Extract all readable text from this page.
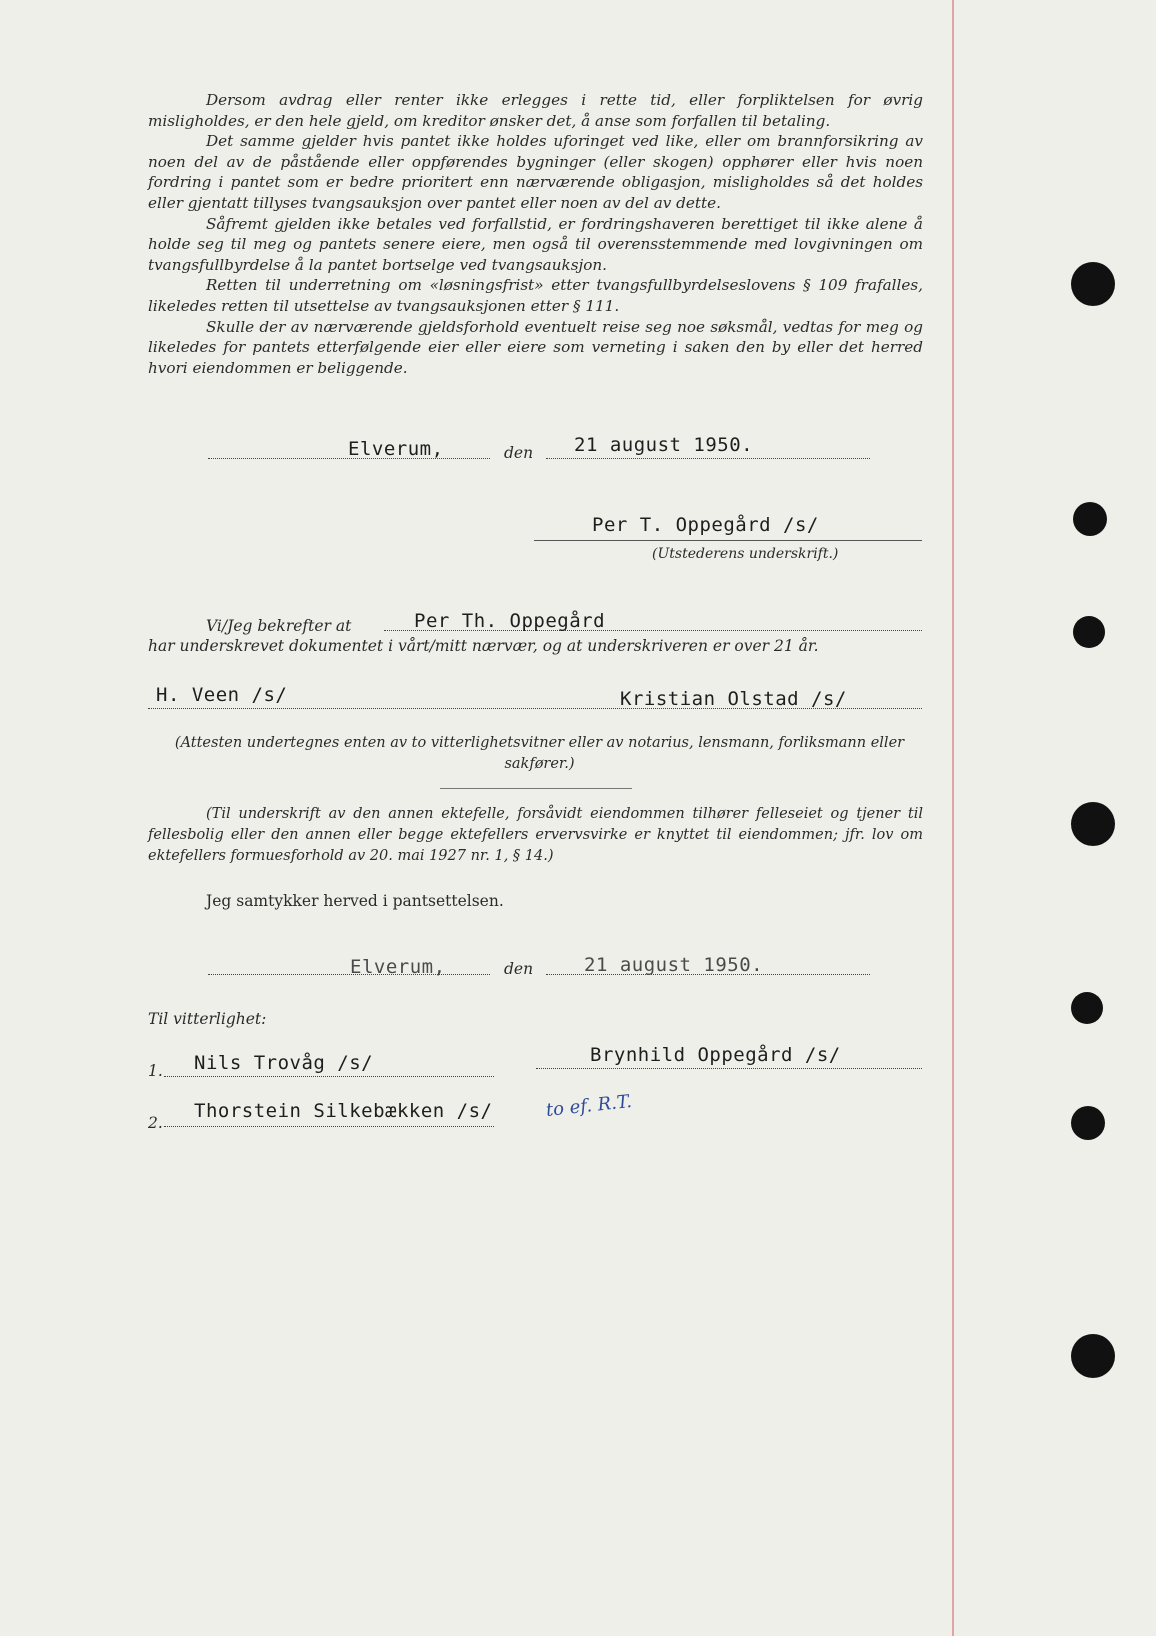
Dersom avdrag eller renter ikke erlegges i rette tid, eller forpliktelsen for øvrig misligholdes, er den hele gjeld, om kreditor ønsker det, å anse som forfallen til betaling.

Det samme gjelder hvis pantet ikke holdes uforinget ved like, eller om brannforsikring av noen del av de påstående eller oppførendes bygninger (eller skogen) opphører eller hvis noen fordring i pantet som er bedre prioritert enn nærværende obligasjon, misligholdes så det holdes eller gjentatt tillyses tvangsauksjon over pantet eller noen av del av dette.

Såfremt gjelden ikke betales ved forfallstid, er fordringshaveren berettiget til ikke alene å holde seg til meg og pantets senere eiere, men også til overensstemmende med lovgivningen om tvangsfullbyrdelse å la pantet bortselge ved tvangsauksjon.

Retten til underretning om «løsningsfrist» etter tvangsfullbyrdelseslovens § 109 frafalles, likeledes retten til utsettelse av tvangsauksjonen etter § 111.

Skulle der av nærværende gjeldsforhold eventuelt reise seg noe søksmål, vedtas for meg og likeledes for pantets etterfølgende eier eller eiere som verneting i saken den by eller det herred hvori eiendommen er beliggende.

Elverum,	den 21 august 1950.
Per T. Oppegård /s/
(Utstederens underskrift.)
Vi/Jeg bekrefter at	Per Th. Oppegård
har underskrevet dokumentet i vårt/mitt nærvær, og at underskriveren er over 21 år.
H. Veen /s/	Kristian Olstad /s/
(Attesten undertegnes enten av to vitterlighetsvitner eller av notarius, lensmann, forliksmann eller sakfører.)

(Til underskrift av den annen ektefelle, forsåvidt eiendommen tilhører felleseiet og tjener til fellesbolig eller den annen eller begge ektefellers ervervsvirke er knyttet til eiendommen; jfr. lov om ektefellers formuesforhold av 20. mai 1927 nr. 1, § 14.)

Jeg samtykker herved i pantsettelsen.
Elverum,	den	21 august 1950.
Til vitterlighet:
1. Nils Trovåg /s/	Brynhild Oppegård /s/
2.
Thorstein Silkebækken /s/	to ef. R.T.
